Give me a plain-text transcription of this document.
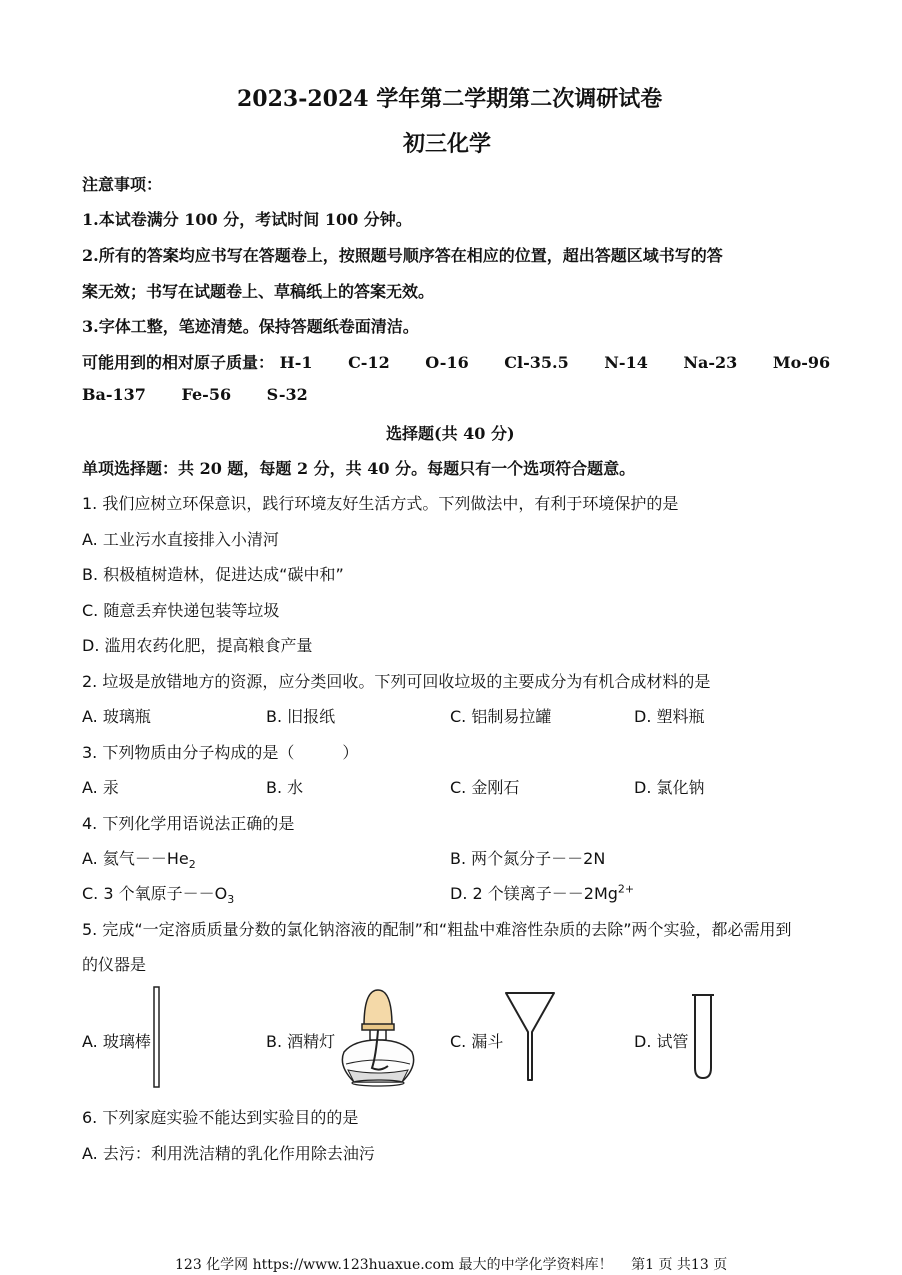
2023-2024 学年第二学期第二次调研试卷
初三化学
注意事项：
1.本试卷满分 100 分，考试时间 100 分钟。
2.所有的答案均应书写在答题卷上，按照题号顺序答在相应的位置，超出答题区域书写的答
案无效；书写在试题卷上、草稿纸上的答案无效。
3.字体工整，笔迹清楚。保持答题纸卷面清洁。
可能用到的相对原子质量： H-1 C-12 O-16 Cl-35.5 N-14 Na-23 Mo-96
Ba-137 Fe-56 S-32
选择题(共 40 分)
单项选择题：共 20 题，每题 2 分，共 40 分。每题只有一个选项符合题意。
1. 我们应树立环保意识，践行环境友好生活方式。下列做法中，有利于环境保护的是
A. 工业污水直接排入小清河
B. 积极植树造林，促进达成“碳中和”
C. 随意丢弃快递包装等垃圾
D. 滥用农药化肥，提高粮食产量
2. 垃圾是放错地方的资源，应分类回收。下列可回收垃圾的主要成分为有机合成材料的是
A. 玻璃瓶	B. 旧报纸	C. 铝制易拉罐	D. 塑料瓶
3. 下列物质由分子构成的是（　　　）
A. 汞	B. 水	C. 金刚石	D. 氯化钠
4. 下列化学用语说法正确的是
A. 氦气$--He_2$	B. 两个氮分子－－2N
C. 3 个氧原子$--O_3$	D. 2 个镁离子$--2Mg^{2+}$
5. 完成“一定溶质质量分数的氯化钠溶液的配制”和“粗盐中难溶性杂质的去除”两个实验，都必需用到
的仪器是
A. 玻璃棒	B. 酒精灯	C. 漏斗	D. 试管
6. 下列家庭实验不能达到实验目的的是
A. 去污：利用洗洁精的乳化作用除去油污
123 化学网 https://www.123huaxue.com 最大的中学化学资料库！　 第1 页 共13 页
